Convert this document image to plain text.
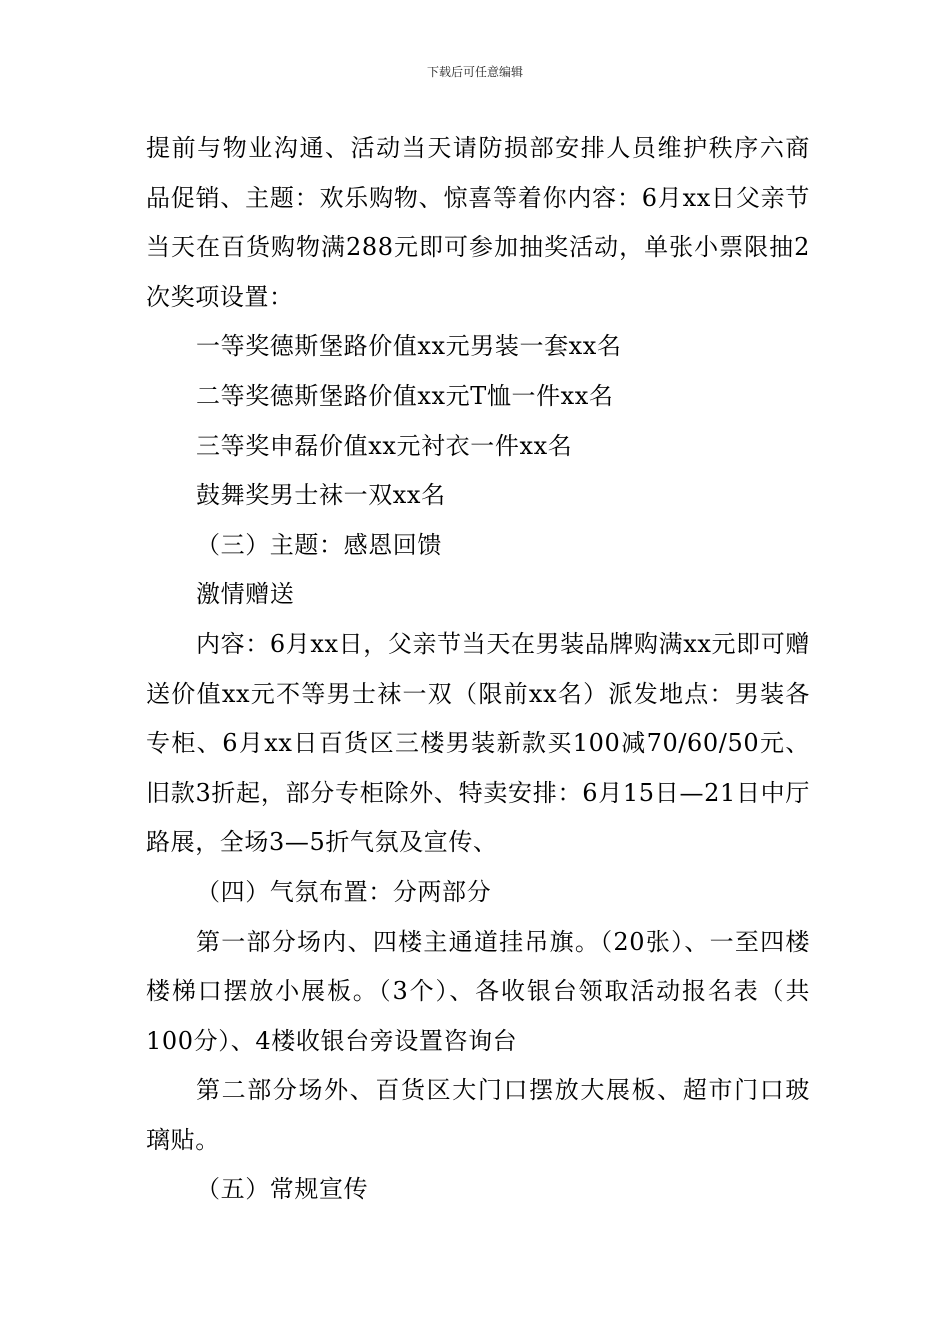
下载后可任意编辑

提前与物业沟通、活动当天请防损部安排人员维护秩序六商品促销、主题：欢乐购物、惊喜等着你内容：6月xx日父亲节当天在百货购物满288元即可参加抽奖活动，单张小票限抽2次奖项设置：

一等奖德斯堡路价值xx元男装一套xx名

二等奖德斯堡路价值xx元T恤一件xx名

三等奖申磊价值xx元衬衣一件xx名

鼓舞奖男士袜一双xx名

（三）主题：感恩回馈

激情赠送

内容：6月xx日，父亲节当天在男装品牌购满xx元即可赠送价值xx元不等男士袜一双（限前xx名）派发地点：男装各专柜、6月xx日百货区三楼男装新款买100减70/60/50元、旧款3折起，部分专柜除外、特卖安排：6月15日—21日中厅路展，全场3—5折气氛及宣传、

（四）气氛布置：分两部分

第一部分场内、四楼主通道挂吊旗。（20张）、一至四楼楼梯口摆放小展板。（3个）、各收银台领取活动报名表（共100分）、4楼收银台旁设置咨询台

第二部分场外、百货区大门口摆放大展板、超市门口玻璃贴。

（五）常规宣传
